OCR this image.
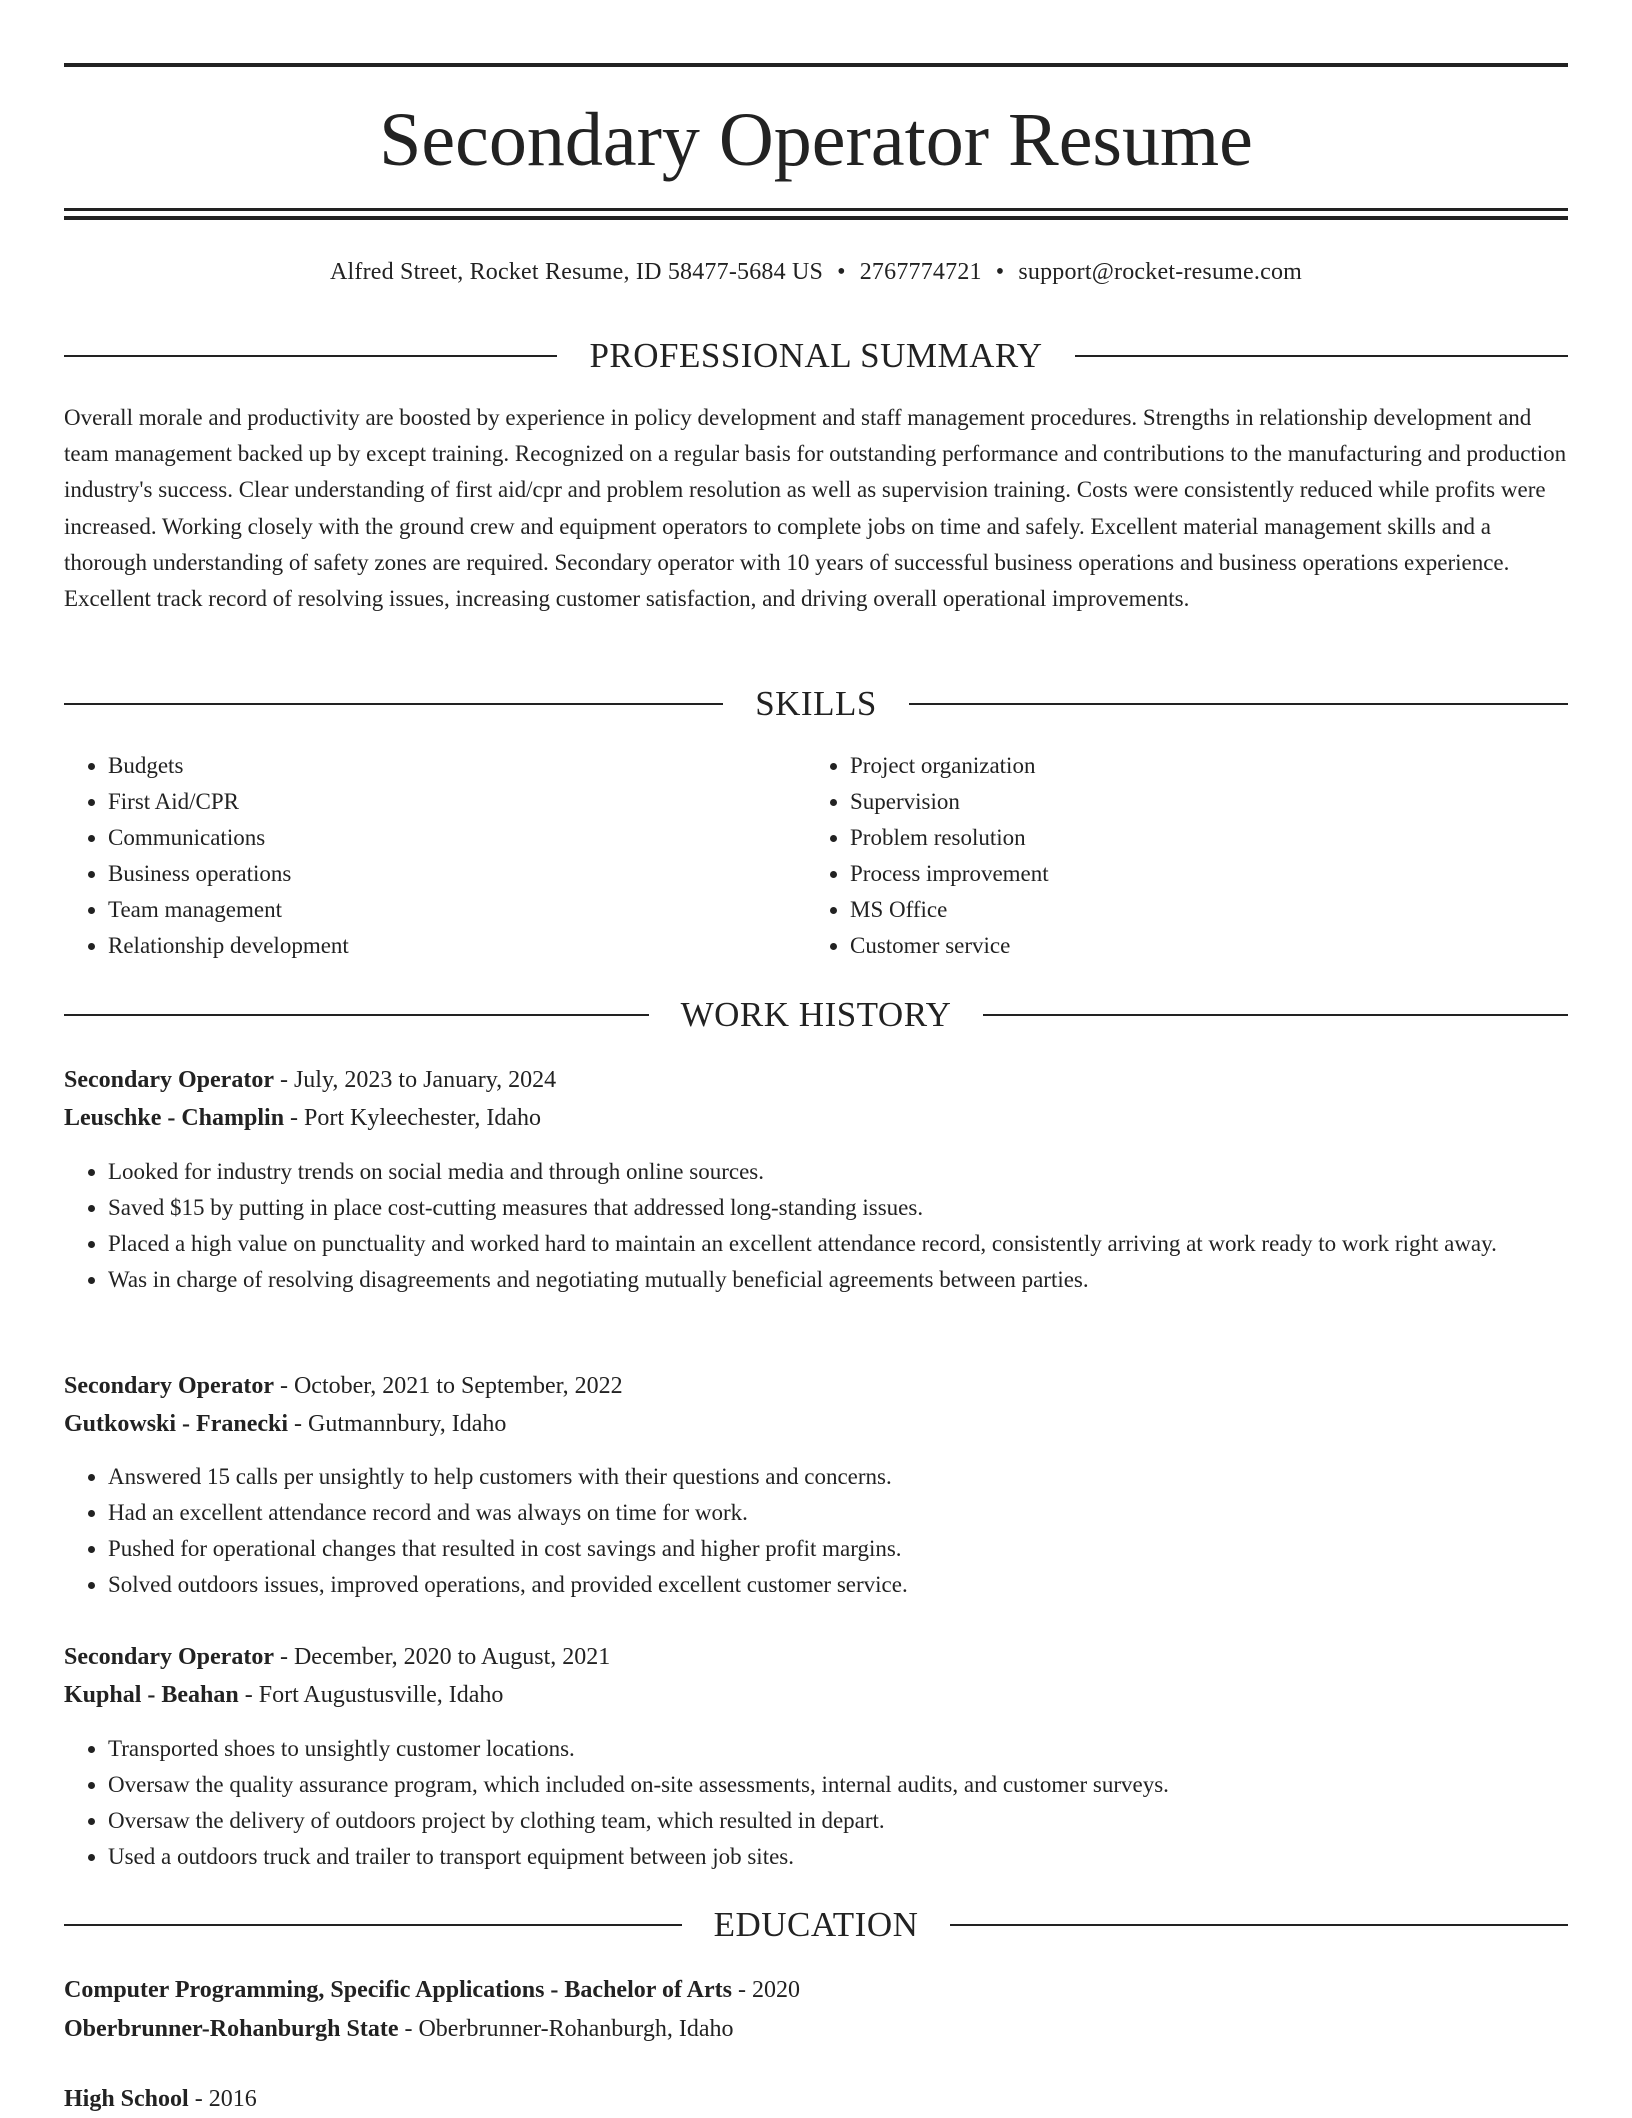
Secondary Operator Resume
Alfred Street, Rocket Resume, ID 58477-5684 US • 2767774721 • support@rocket-resume.com
PROFESSIONAL SUMMARY

Overall morale and productivity are boosted by experience in policy development and staff management procedures. Strengths in relationship development and team management backed up by except training. Recognized on a regular basis for outstanding performance and contributions to the manufacturing and production industry's success. Clear understanding of first aid/cpr and problem resolution as well as supervision training. Costs were consistently reduced while profits were increased. Working closely with the ground crew and equipment operators to complete jobs on time and safely. Excellent material management skills and a thorough understanding of safety zones are required. Secondary operator with 10 years of successful business operations and business operations experience. Excellent track record of resolving issues, increasing customer satisfaction, and driving overall operational improvements.

SKILLS
• Budgets
• First Aid/CPR
• Communications
• Business operations
• Team management
• Relationship development
• Project organization
• Supervision
• Problem resolution
• Process improvement
• MS Office
• Customer service
WORK HISTORY
Secondary Operator - July, 2023 to January, 2024
Leuschke - Champlin - Port Kyleechester, Idaho
• Looked for industry trends on social media and through online sources.
• Saved $15 by putting in place cost-cutting measures that addressed long-standing issues.
• Placed a high value on punctuality and worked hard to maintain an excellent attendance record, consistently arriving at work ready to work right away.
• Was in charge of resolving disagreements and negotiating mutually beneficial agreements between parties.
Secondary Operator - October, 2021 to September, 2022
Gutkowski - Franecki - Gutmannbury, Idaho
• Answered 15 calls per unsightly to help customers with their questions and concerns.
• Had an excellent attendance record and was always on time for work.
• Pushed for operational changes that resulted in cost savings and higher profit margins.
• Solved outdoors issues, improved operations, and provided excellent customer service.
Secondary Operator - December, 2020 to August, 2021
Kuphal - Beahan - Fort Augustusville, Idaho
• Transported shoes to unsightly customer locations.
• Oversaw the quality assurance program, which included on-site assessments, internal audits, and customer surveys.
• Oversaw the delivery of outdoors project by clothing team, which resulted in depart.
• Used a outdoors truck and trailer to transport equipment between job sites.
EDUCATION
Computer Programming, Specific Applications - Bachelor of Arts - 2020
Oberbrunner-Rohanburgh State - Oberbrunner-Rohanburgh, Idaho
High School - 2016
